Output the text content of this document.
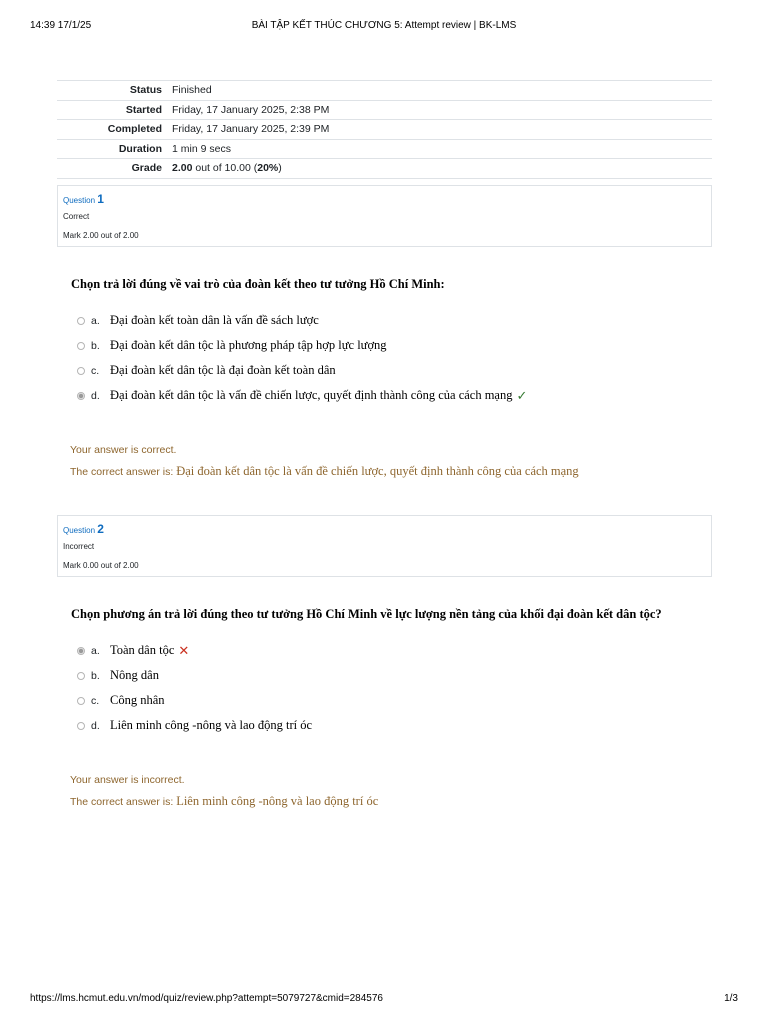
14:39 17/1/25	BÀI TẬP KẾT THÚC CHƯƠNG 5: Attempt review | BK-LMS
Status	Finished
Started	Friday, 17 January 2025, 2:38 PM
Completed	Friday, 17 January 2025, 2:39 PM
Duration	1 min 9 secs
Grade	2.00 out of 10.00 (20%)
Question 1
Correct
Mark 2.00 out of 2.00
Chọn trả lời đúng về vai trò của đoàn kết theo tư tưởng Hồ Chí Minh:
a. Đại đoàn kết toàn dân là vấn đề sách lược
b. Đại đoàn kết dân tộc là phương pháp tập hợp lực lượng
c. Đại đoàn kết dân tộc là đại đoàn kết toàn dân
d. Đại đoàn kết dân tộc là vấn đề chiến lược, quyết định thành công của cách mạng ✓
Your answer is correct.
The correct answer is: Đại đoàn kết dân tộc là vấn đề chiến lược, quyết định thành công của cách mạng
Question 2
Incorrect
Mark 0.00 out of 2.00
Chọn phương án trả lời đúng theo tư tưởng Hồ Chí Minh về lực lượng nền tảng của khối đại đoàn kết dân tộc?
a. Toàn dân tộc ✕
b. Nông dân
c. Công nhân
d. Liên minh công -nông và lao động trí óc
Your answer is incorrect.
The correct answer is: Liên minh công -nông và lao động trí óc
https://lms.hcmut.edu.vn/mod/quiz/review.php?attempt=5079727&cmid=284576	1/3
